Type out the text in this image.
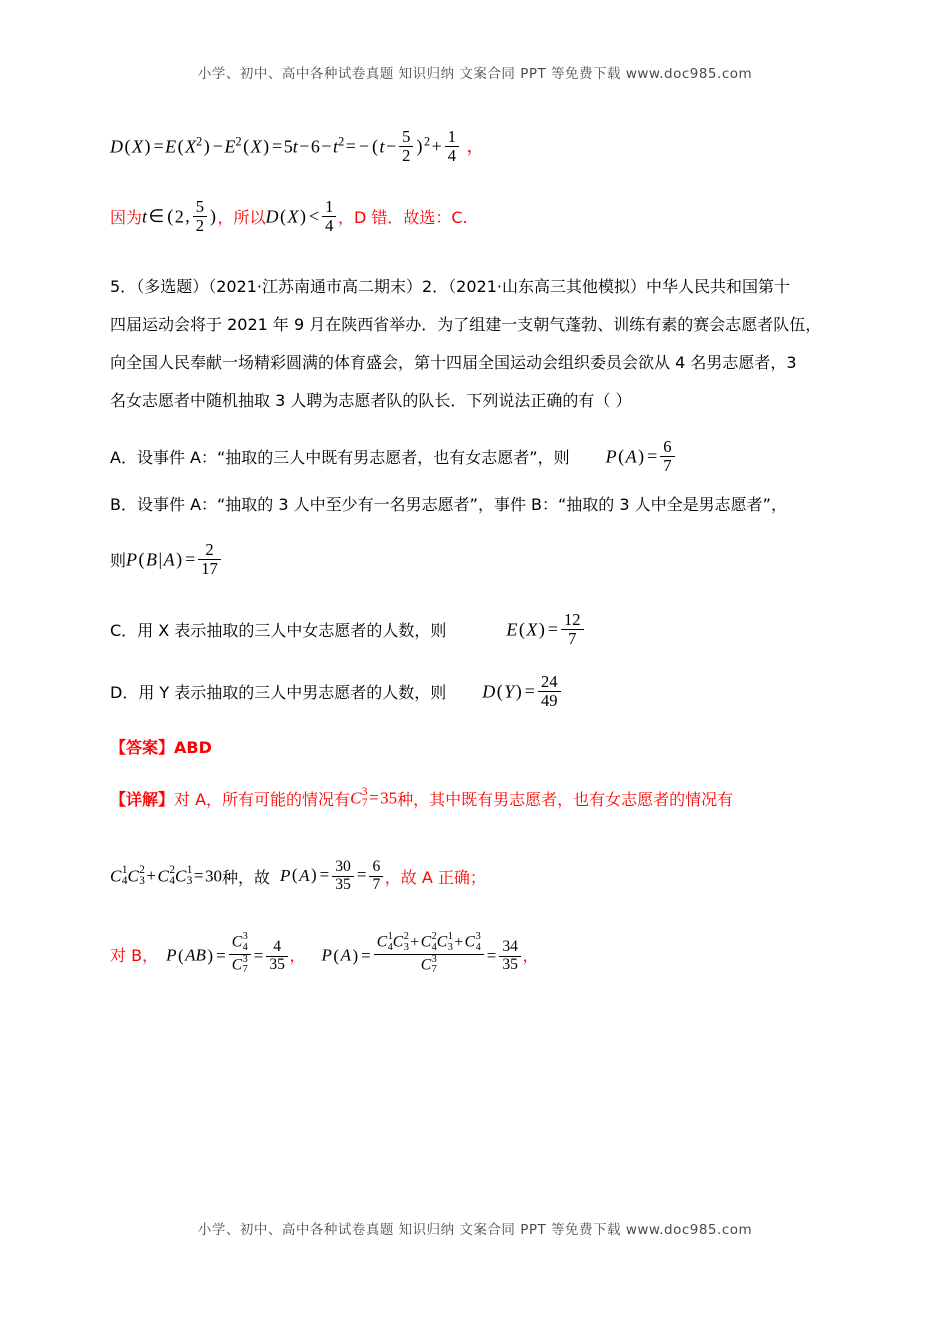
小学、初中、高中各种试卷真题 知识归纳 文案合同 PPT 等免费下载 www.doc985.com
小学、初中、高中各种试卷真题 知识归纳 文案合同 PPT 等免费下载 www.doc985.com
$D(X) =E(X^2) -E^2(X) =5t-6-t^2= - (t- \frac{5}{2}$ ) $^2+ \frac{1}{4}$ ，
因为 t∈ (2, $\frac{5}{2}$ ) ，所以 $D(X) < \frac{1}{4}$ ，D 错．故选：C.
5．（多选题）（2021·江苏南通市高二期末）2．（2021·山东高三其他模拟）中华人民共和国第十
四届运动会将于 2021 年 9 月在陕西省举办．为了组建一支朝气蓬勃、训练有素的赛会志愿者队伍，
向全国人民奉献一场精彩圆满的体育盛会，第十四届全国运动会组织委员会欲从 4 名男志愿者，3
名女志愿者中随机抽取 3 人聘为志愿者队的队长．下列说法正确的有（ ）
A． 设事件 A：“抽取的三人中既有男志愿者，也有女志愿者”，则 $P(A) = \frac{6}{7}$
B． 设事件 A：“抽取的 3 人中至少有一名男志愿者”，事件 B：“抽取的 3 人中全是男志愿者”，
则 $P(B|A) = \frac{2}{17}$
C． 用 X 表示抽取的三人中女志愿者的人数，则	$E(X) = \frac{12}{7}$
D． 用 Y 表示抽取的三人中男志愿者的人数，则 $D(Y) = \frac{24}{49}$
【答案】 ABD
【详解】 对 A，所有可能的情况有 C 3
7 =35 种，其中既有男志愿者，也有女志愿者的情况有
C 1
4 C 2
3 +C 2
4 C 1
3 =30 种，故 $P(A) = \frac{30}{35} = \frac{6}{7}$ ，故 A 正确；
对 B， P(AB) = C 3
4
C 3
$7 = \frac{4}{35}$ ， P(A) = C 1
4 C 2
3 +C 2
4 C 1
3 +C 3
4
C 3
$7 = \frac{34}{35}$ ，
